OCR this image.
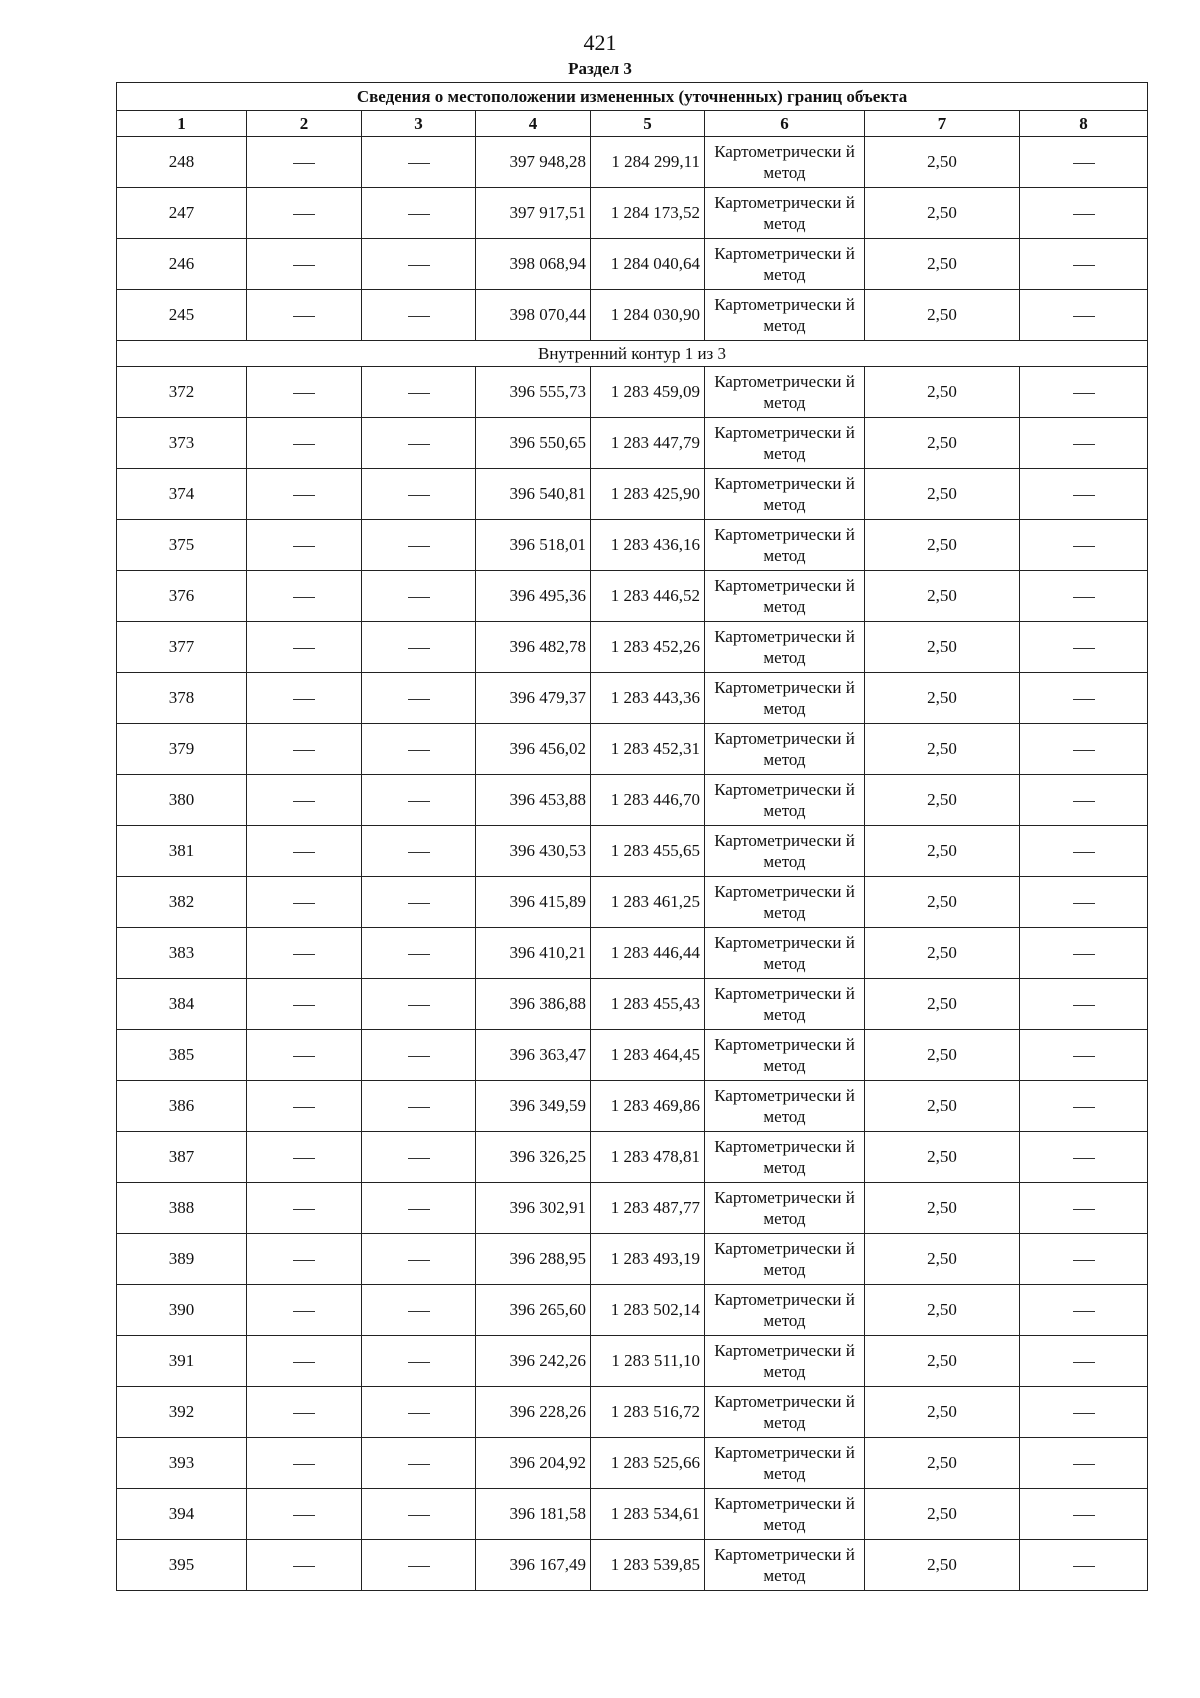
421
Раздел 3
Сведения о местоположении измененных (уточненных) границ объекта							
1	2	3	4	5	6	7	8
248			397 948,28	1 284 299,11	Картометрически й метод	2,50	

247			397 917,51	1 284 173,52	Картометрически й метод	2,50	

246			398 068,94	1 284 040,64	Картометрически й метод	2,50	

245			398 070,44	1 284 030,90	Картометрически й метод	2,50	

Внутренний контур 1 из 3							
372			396 555,73	1 283 459,09	Картометрически й метод	2,50	

373			396 550,65	1 283 447,79	Картометрически й метод	2,50	

374			396 540,81	1 283 425,90	Картометрически й метод	2,50	

375			396 518,01	1 283 436,16	Картометрически й метод	2,50	

376			396 495,36	1 283 446,52	Картометрически й метод	2,50	

377			396 482,78	1 283 452,26	Картометрически й метод	2,50	

378			396 479,37	1 283 443,36	Картометрически й метод	2,50	

379			396 456,02	1 283 452,31	Картометрически й метод	2,50	

380			396 453,88	1 283 446,70	Картометрически й метод	2,50	

381			396 430,53	1 283 455,65	Картометрически й метод	2,50	

382			396 415,89	1 283 461,25	Картометрически й метод	2,50	

383			396 410,21	1 283 446,44	Картометрически й метод	2,50	

384			396 386,88	1 283 455,43	Картометрически й метод	2,50	

385			396 363,47	1 283 464,45	Картометрически й метод	2,50	

386			396 349,59	1 283 469,86	Картометрически й метод	2,50	

387			396 326,25	1 283 478,81	Картометрически й метод	2,50	

388			396 302,91	1 283 487,77	Картометрически й метод	2,50	

389			396 288,95	1 283 493,19	Картометрически й метод	2,50	

390			396 265,60	1 283 502,14	Картометрически й метод	2,50	

391			396 242,26	1 283 511,10	Картометрически й метод	2,50	

392			396 228,26	1 283 516,72	Картометрически й метод	2,50	

393			396 204,92	1 283 525,66	Картометрически й метод	2,50	

394			396 181,58	1 283 534,61	Картометрически й метод	2,50	

395			396 167,49	1 283 539,85	Картометрически й метод	2,50	
